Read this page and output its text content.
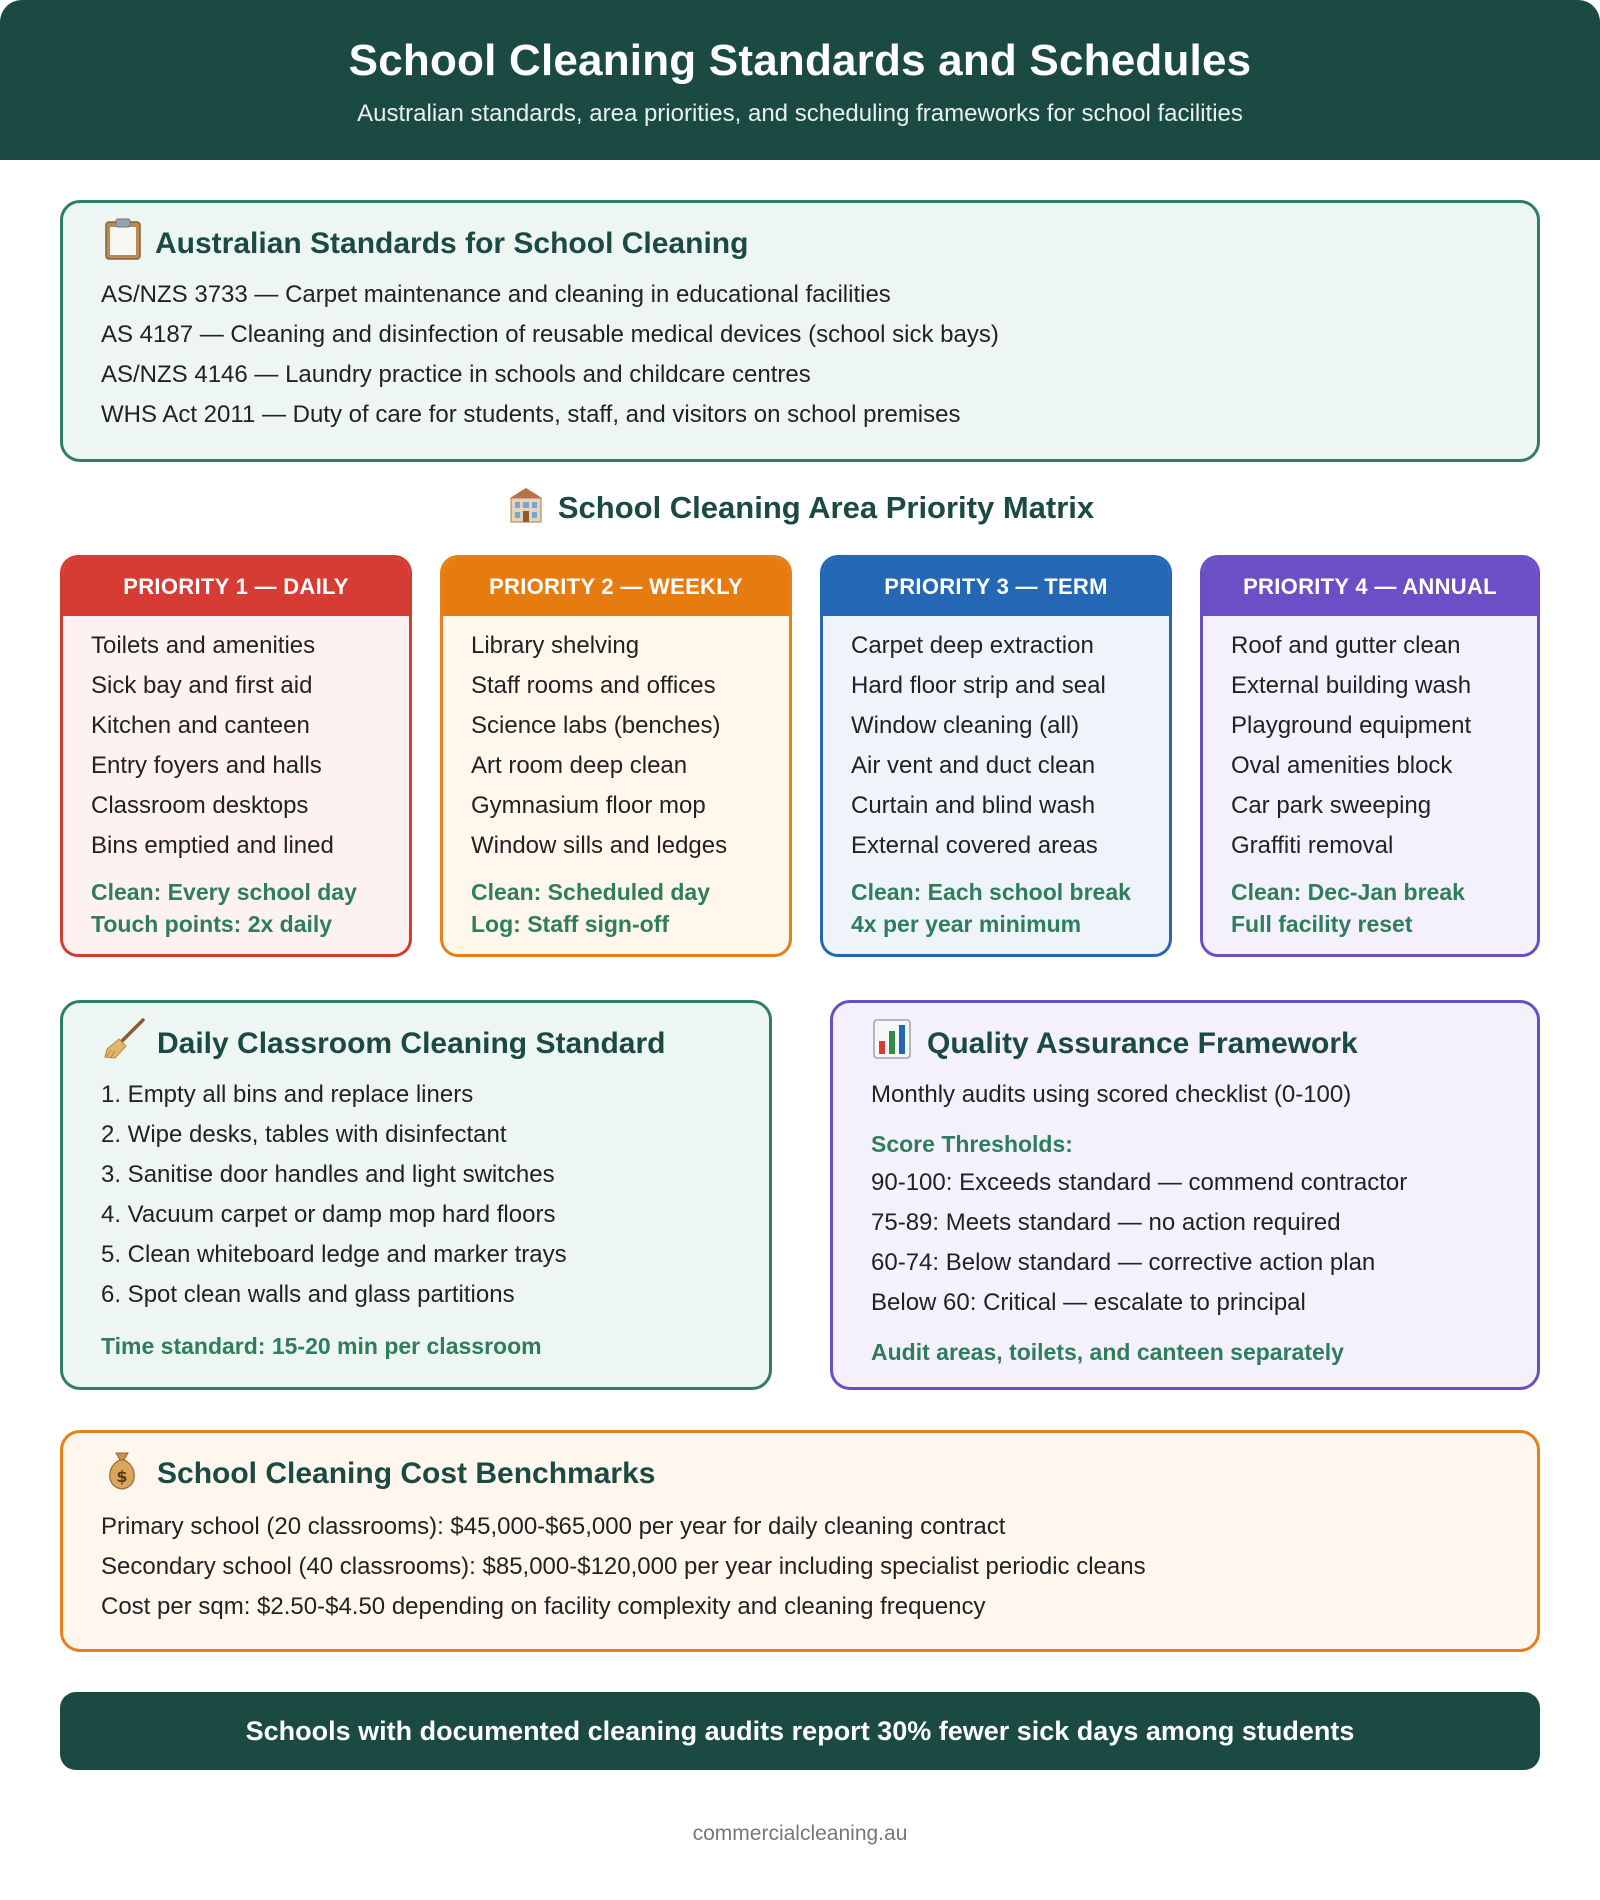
School Cleaning Standards and Schedules
Australian standards, area priorities, and scheduling frameworks for school facilities
Australian Standards for School Cleaning
AS/NZS 3733 — Carpet maintenance and cleaning in educational facilities
AS 4187 — Cleaning and disinfection of reusable medical devices (school sick bays)
AS/NZS 4146 — Laundry practice in schools and childcare centres
WHS Act 2011 — Duty of care for students, staff, and visitors on school premises
School Cleaning Area Priority Matrix
PRIORITY 1 — DAILY
Toilets and amenities
Sick bay and first aid
Kitchen and canteen
Entry foyers and halls
Classroom desktops
Bins emptied and lined
Clean: Every school day
Touch points: 2x daily
PRIORITY 2 — WEEKLY
Library shelving
Staff rooms and offices
Science labs (benches)
Art room deep clean
Gymnasium floor mop
Window sills and ledges
Clean: Scheduled day
Log: Staff sign-off
PRIORITY 3 — TERM
Carpet deep extraction
Hard floor strip and seal
Window cleaning (all)
Air vent and duct clean
Curtain and blind wash
External covered areas
Clean: Each school break
4x per year minimum
PRIORITY 4 — ANNUAL
Roof and gutter clean
External building wash
Playground equipment
Oval amenities block
Car park sweeping
Graffiti removal
Clean: Dec-Jan break
Full facility reset
Daily Classroom Cleaning Standard
1. Empty all bins and replace liners
2. Wipe desks, tables with disinfectant
3. Sanitise door handles and light switches
4. Vacuum carpet or damp mop hard floors
5. Clean whiteboard ledge and marker trays
6. Spot clean walls and glass partitions
Time standard: 15-20 min per classroom
Quality Assurance Framework
Monthly audits using scored checklist (0-100)
Score Thresholds:
90-100: Exceeds standard — commend contractor
75-89: Meets standard — no action required
60-74: Below standard — corrective action plan
Below 60: Critical — escalate to principal
Audit areas, toilets, and canteen separately
$ School Cleaning Cost Benchmarks
Primary school (20 classrooms): $45,000-$65,000 per year for daily cleaning contract
Secondary school (40 classrooms): $85,000-$120,000 per year including specialist periodic cleans
Cost per sqm: $2.50-$4.50 depending on facility complexity and cleaning frequency
Schools with documented cleaning audits report 30% fewer sick days among students
commercialcleaning.au
